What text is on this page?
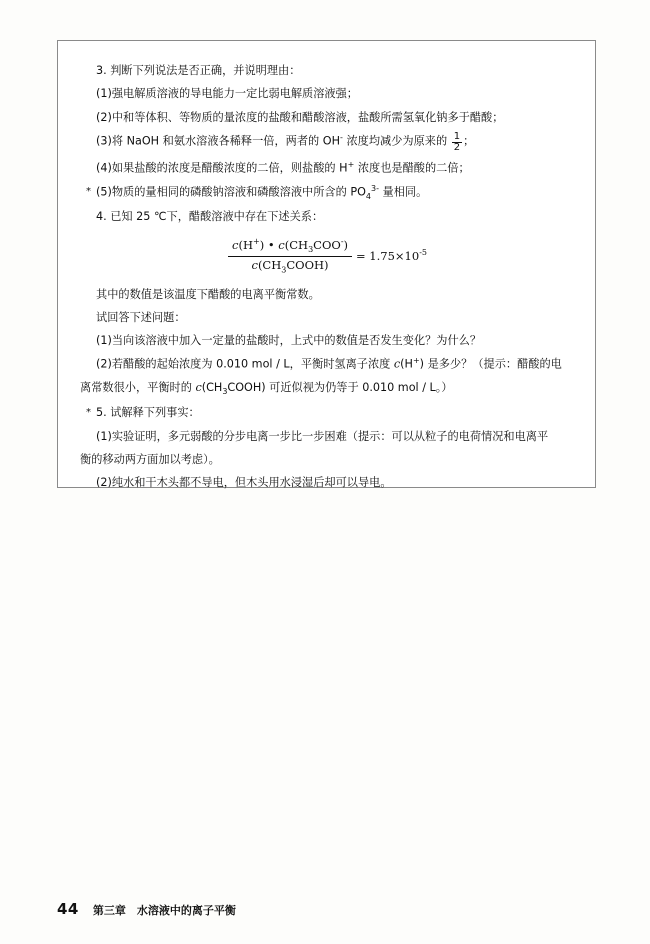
3. 判断下列说法是否正确，并说明理由：

(1)强电解质溶液的导电能力一定比弱电解质溶液强；

(2)中和等体积、等物质的量浓度的盐酸和醋酸溶液，盐酸所需氢氧化钠多于醋酸；

(3)将 NaOH 和氨水溶液各稀释一倍，两者的 OH- 浓度均减少为原来的 $\frac{1}{2}$ ；

(4)如果盐酸的浓度是醋酸浓度的二倍，则盐酸的 H+ 浓度也是醋酸的二倍；

* (5)物质的量相同的磷酸钠溶液和磷酸溶液中所含的 $PO_4^{3-}$ 量相同。

4. 已知 25 ℃下，醋酸溶液中存在下述关系：

$\frac{c(H^+) • c(CH_3COO^-)}{c(CH_3COOH)} = 1.75\times 10^{-5}$

其中的数值是该温度下醋酸的电离平衡常数。

试回答下述问题：

(1)当向该溶液中加入一定量的盐酸时，上式中的数值是否发生变化？为什么？

(2)若醋酸的起始浓度为 0.010 mol / L，平衡时氢离子浓度 c(H+) 是多少？（提示：醋酸的电

离常数很小，平衡时的 $c(CH_3COOH)$ 可近似视为仍等于 0.010 mol / L。）

* 5. 试解释下列事实：

(1)实验证明，多元弱酸的分步电离一步比一步困难（提示：可以从粒子的电荷情况和电离平

衡的移动两方面加以考虑）。

(2)纯水和干木头都不导电，但木头用水浸湿后却可以导电。

44 第三章　水溶液中的离子平衡
